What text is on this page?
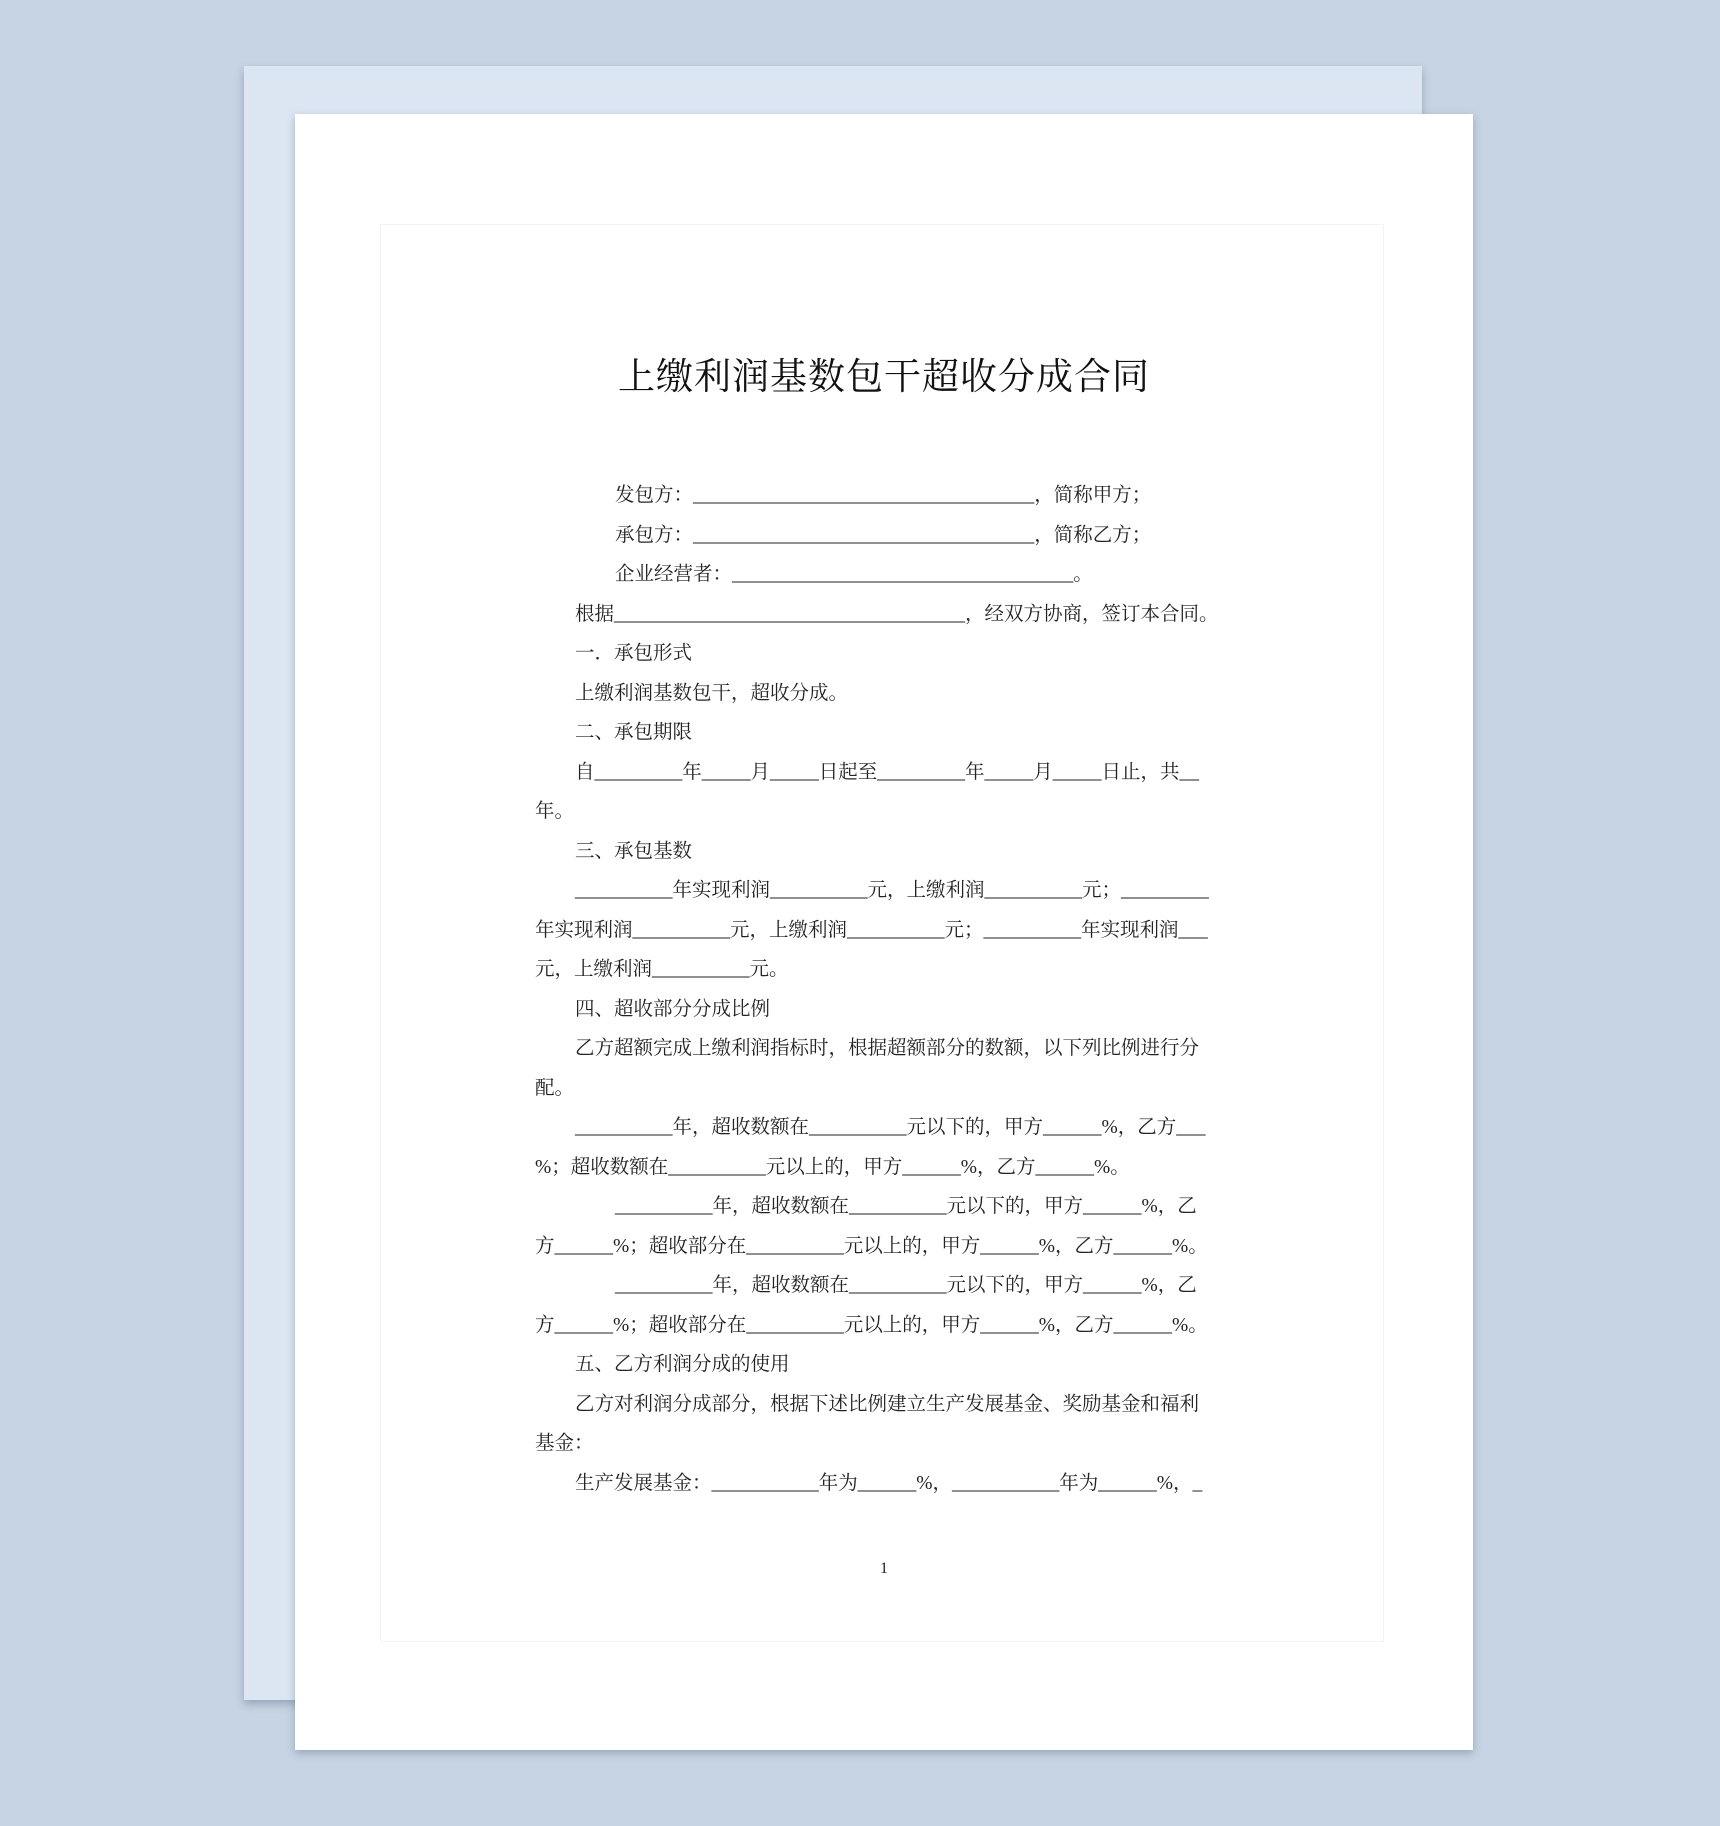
上缴利润基数包干超收分成合同
发包方：___________________________________，简称甲方；
承包方：___________________________________，简称乙方；
企业经营者：___________________________________。
根据____________________________________，经双方协商，签订本合同。
一．承包形式
上缴利润基数包干，超收分成。
二、承包期限
自_________年_____月_____日起至_________年_____月_____日止，共__
年。
三、承包基数
__________年实现利润__________元，上缴利润__________元；_________
年实现利润__________元，上缴利润__________元；__________年实现利润___
元，上缴利润__________元。
四、超收部分分成比例
乙方超额完成上缴利润指标时，根据超额部分的数额，以下列比例进行分
配。
__________年，超收数额在__________元以下的，甲方______%，乙方___
%；超收数额在__________元以上的，甲方______%，乙方______%。
__________年，超收数额在__________元以下的，甲方______%，乙
方______%；超收部分在__________元以上的，甲方______%，乙方______%。
__________年，超收数额在__________元以下的，甲方______%，乙
方______%；超收部分在__________元以上的，甲方______%，乙方______%。
五、乙方利润分成的使用
乙方对利润分成部分，根据下述比例建立生产发展基金、奖励基金和福利
基金：
生产发展基金：___________年为______%，___________年为______%，_
1
